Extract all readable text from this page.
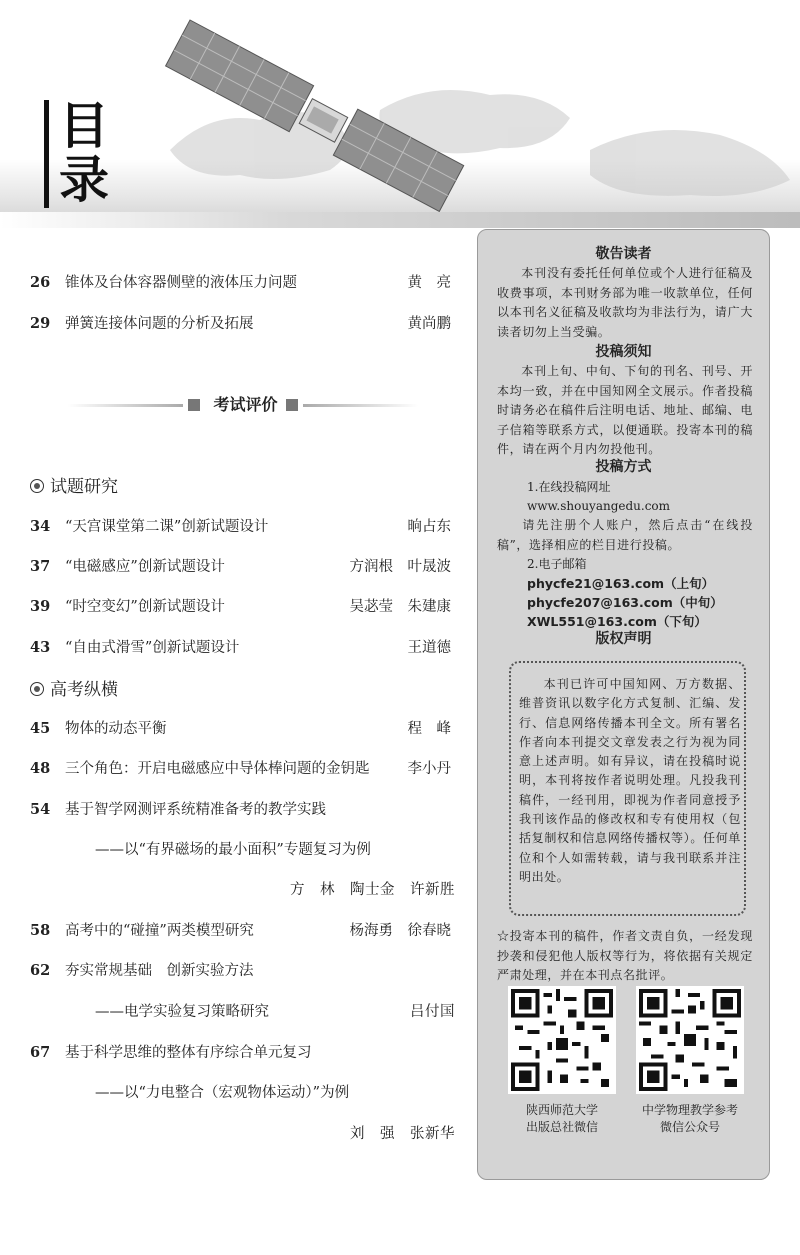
目
录
26 锥体及台体容器侧壁的液体压力问题	黄　亮
29 弹簧连接体问题的分析及拓展	黄尚鹏
考试评价
试题研究
34 “天宫课堂第二课”创新试题设计	晌占东
37 “电磁感应”创新试题设计	方润根　叶晟波
39 “时空变幻”创新试题设计	吴苾莹　朱建康
43 “自由式滑雪”创新试题设计	王道德
高考纵横
45 物体的动态平衡	程　峰
48 三个角色：开启电磁感应中导体棒问题的金钥匙	李小丹
54 基于智学网测评系统精准备考的教学实践
——以“有界磁场的最小面积”专题复习为例
方　林　陶士金　许新胜
58 高考中的“碰撞”两类模型研究	杨海勇　徐春晓
62 夯实常规基础　创新实验方法
——电学实验复习策略研究	吕付国
67 基于科学思维的整体有序综合单元复习
——以“力电整合（宏观物体运动）”为例
刘　强　张新华
敬告读者
本刊没有委托任何单位或个人进行征稿及收费事项，本刊财务部为唯一收款单位，任何以本刊名义征稿及收款均为非法行为，请广大读者切勿上当受骗。
投稿须知
本刊上旬、中旬、下旬的刊名、刊号、开本均一致，并在中国知网全文展示。作者投稿时请务必在稿件后注明电话、地址、邮编、电子信箱等联系方式，以便通联。投寄本刊的稿件，请在两个月内勿投他刊。
投稿方式
1.在线投稿网址
www.shouyangedu.com
请先注册个人账户，然后点击“在线投稿”，选择相应的栏目进行投稿。
2.电子邮箱
phycfe21@163.com（上旬）
phycfe207@163.com（中旬）
XWL551@163.com（下旬）
版权声明
本刊已许可中国知网、万方数据、维普资讯以数字化方式复制、汇编、发行、信息网络传播本刊全文。所有署名作者向本刊提交文章发表之行为视为同意上述声明。如有异议，请在投稿时说明，本刊将按作者说明处理。凡投我刊稿件，一经刊用，即视为作者同意授予我刊该作品的修改权和专有使用权（包括复制权和信息网络传播权等）。任何单位和个人如需转载，请与我刊联系并注明出处。
☆投寄本刊的稿件，作者文责自负，一经发现抄袭和侵犯他人版权等行为，将依据有关规定严肃处理，并在本刊点名批评。
陕西师范大学
出版总社微信
中学物理教学参考
微信公众号
